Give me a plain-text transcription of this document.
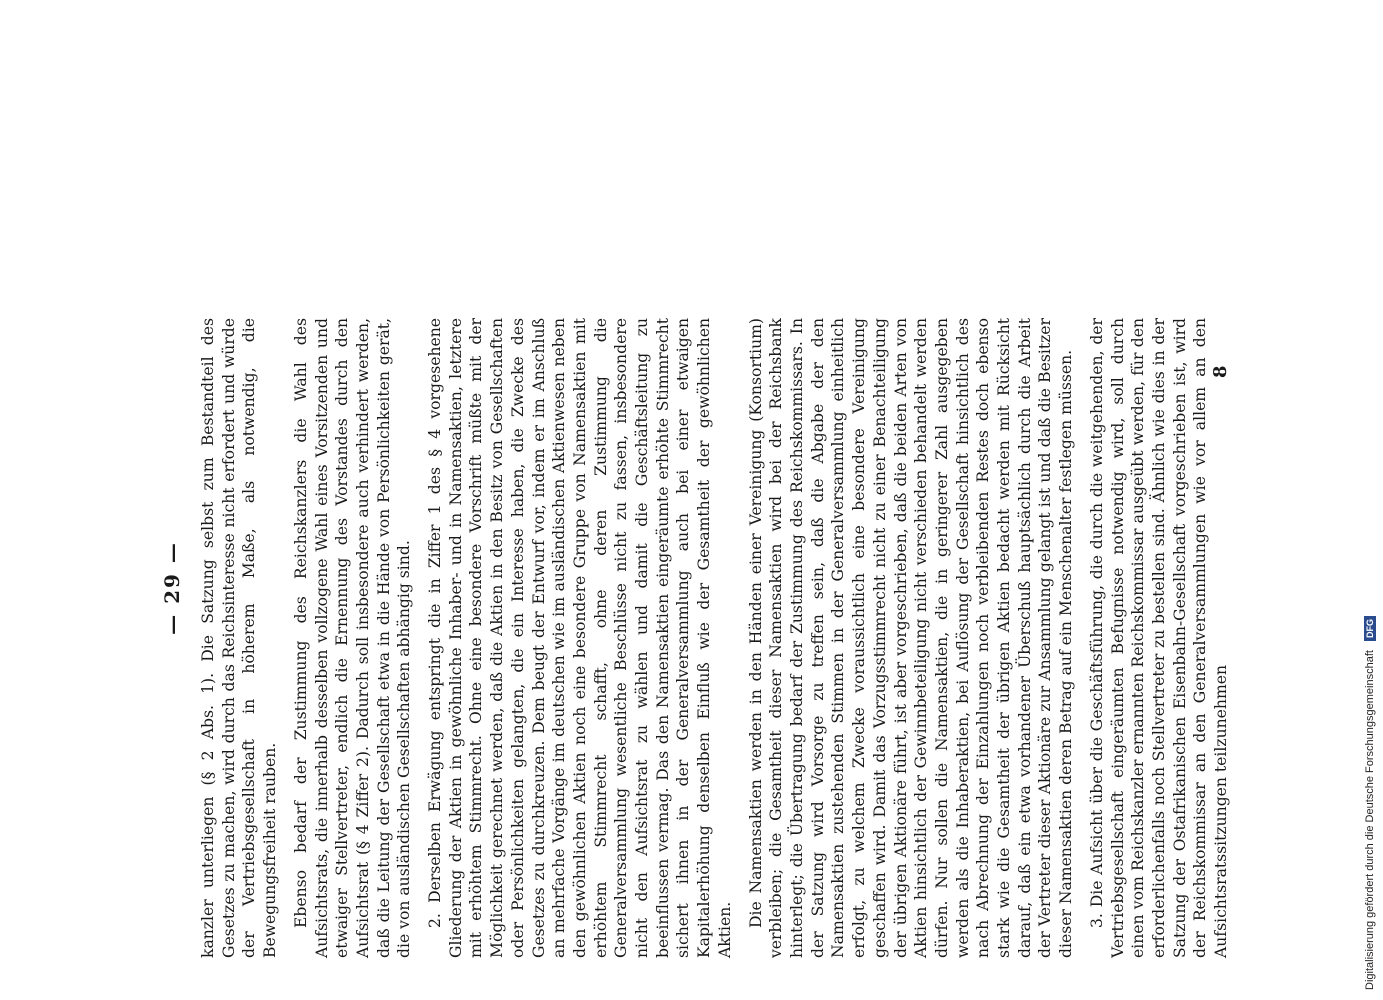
— 29 — kanzler unterliegen (§ 2 Abs. 1). Die Satzung selbst zum Bestandteil des Gesetzes zu machen, wird durch das Reichsinteresse nicht erfordert und würde der Vertriebsgesellschaft in höherem Maße, als notwendig, die Bewegungsfreiheit rauben. Ebenso bedarf der Zustimmung des Reichskanzlers die Wahl des Aufsichtsrats, die innerhalb desselben vollzogene Wahl eines Vorsitzenden und etwaiger Stellvertreter, endlich die Ernennung des Vorstandes durch den Aufsichtsrat (§ 4 Ziffer 2). Dadurch soll insbesondere auch verhindert werden, daß die Leitung der Gesellschaft etwa in die Hände von Persönlichkeiten gerät, die von ausländischen Gesellschaften abhängig sind. 2. Derselben Erwägung entspringt die in Ziffer 1 des § 4 vorgesehene Gliederung der Aktien in gewöhnliche Inhaber- und in Namensaktien, letztere mit erhöhtem Stimmrecht. Ohne eine besondere Vorschrift müßte mit der Möglichkeit gerechnet werden, daß die Aktien in den Besitz von Gesellschaften oder Persönlichkeiten gelangten, die ein Interesse haben, die Zwecke des Gesetzes zu durchkreuzen. Dem beugt der Entwurf vor, indem er im Anschluß an mehrfache Vorgänge im deutschen wie im ausländischen Aktienwesen neben den gewöhnlichen Aktien noch eine besondere Gruppe von Namensaktien mit erhöhtem Stimmrecht schafft, ohne deren Zustimmung die Generalversammlung wesentliche Beschlüsse nicht zu fassen, insbesondere nicht den Aufsichtsrat zu wählen und damit die Geschäftsleitung zu beeinflussen vermag. Das den Namensaktien eingeräumte erhöhte Stimmrecht sichert ihnen in der Generalversammlung auch bei einer etwaigen Kapitalerhöhung denselben Einfluß wie der Gesamtheit der gewöhnlichen Aktien.

Die Namensaktien werden in den Händen einer Vereinigung (Konsortium) verbleiben; die Gesamtheit dieser Namensaktien wird bei der Reichsbank hinterlegt; die Übertragung bedarf der Zustimmung des Reichskommissars. In der Satzung wird Vorsorge zu treffen sein, daß die Abgabe der den Namensaktien zustehenden Stimmen in der Generalversammlung einheitlich erfolgt, zu welchem Zwecke voraussichtlich eine besondere Vereinigung geschaffen wird. Damit das Vorzugsstimmrecht nicht zu einer Benachteiligung der übrigen Aktionäre führt, ist aber vorgeschrieben, daß die beiden Arten von Aktien hinsichtlich der Gewinnbeteiligung nicht verschieden behandelt werden dürfen. Nur sollen die Namensaktien, die in geringerer Zahl ausgegeben werden als die Inhaberaktien, bei Auflösung der Gesellschaft hinsichtlich des nach Abrechnung der Einzahlungen noch verbleibenden Restes doch ebenso stark wie die Gesamtheit der übrigen Aktien bedacht werden mit Rücksicht darauf, daß ein etwa vorhandener Überschuß hauptsächlich durch die Arbeit der Vertreter dieser Aktionäre zur Ansammlung gelangt ist und daß die Besitzer dieser Namensaktien deren Betrag auf ein Menschenalter festlegen müssen. 3. Die Aufsicht über die Geschäftsführung, die durch die weitgehenden, der Vertriebsgesellschaft eingeräumten Befugnisse notwendig wird, soll durch einen vom Reichskanzler ernannten Reichskommissar ausgeübt werden, für den erforderlichenfalls noch Stellvertreter zu bestellen sind. Ähnlich wie dies in der Satzung der Ostafrikanischen Eisenbahn-Gesellschaft vorgeschrieben ist, wird der Reichskommissar an den Generalversammlungen wie vor allem an den Aufsichtsratssitzungen teilzunehmen

8
Digitalisierung gefördert durch die Deutsche Forschungsgemeinschaft DFG
